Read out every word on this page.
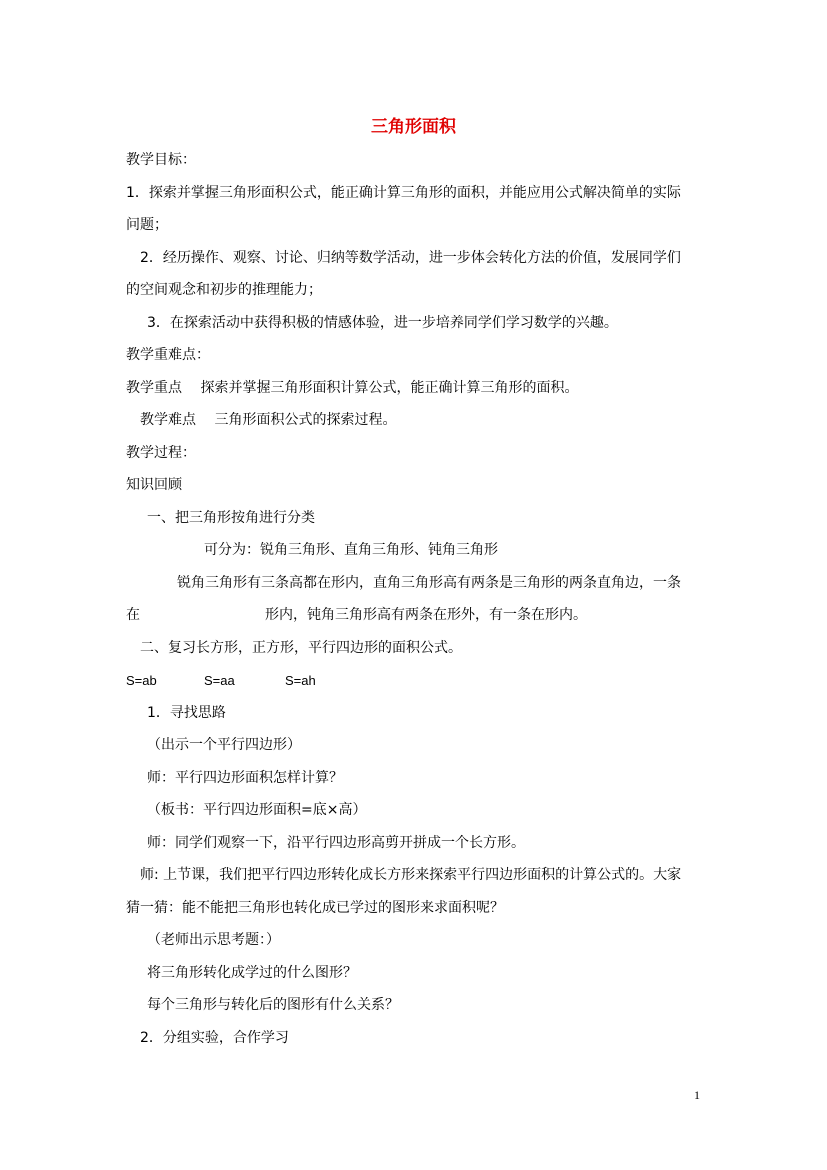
三角形面积
教学目标：
1．探索并掌握三角形面积公式，能正确计算三角形的面积，并能应用公式解决简单的实际
问题；
2．经历操作、观察、讨论、归纳等数学活动，进一步体会转化方法的价值，发展同学们
的空间观念和初步的推理能力；
3．在探索活动中获得积极的情感体验，进一步培养同学们学习数学的兴趣。
教学重难点：
教学重点　 探索并掌握三角形面积计算公式，能正确计算三角形的面积。
教学难点　 三角形面积公式的探索过程。
教学过程：
知识回顾
一、把三角形按角进行分类
可分为：锐角三角形、直角三角形、钝角三角形
锐角三角形有三条高都在形内，直角三角形高有两条是三角形的两条直角边，一条
在	形内，钝角三角形高有两条在形外，有一条在形内。
二、复习长方形，正方形，平行四边形的面积公式。
S=ab	S=aa	S=ah
1．寻找思路
（出示一个平行四边形）
师：平行四边形面积怎样计算？
（板书：平行四边形面积=底×高）
师：同学们观察一下，沿平行四边形高剪开拼成一个长方形。
师: 上节课，我们把平行四边形转化成长方形来探索平行四边形面积的计算公式的。大家
猜一猜：能不能把三角形也转化成已学过的图形来求面积呢？
（老师出示思考题：）
将三角形转化成学过的什么图形？
每个三角形与转化后的图形有什么关系？
2．分组实验，合作学习
1
